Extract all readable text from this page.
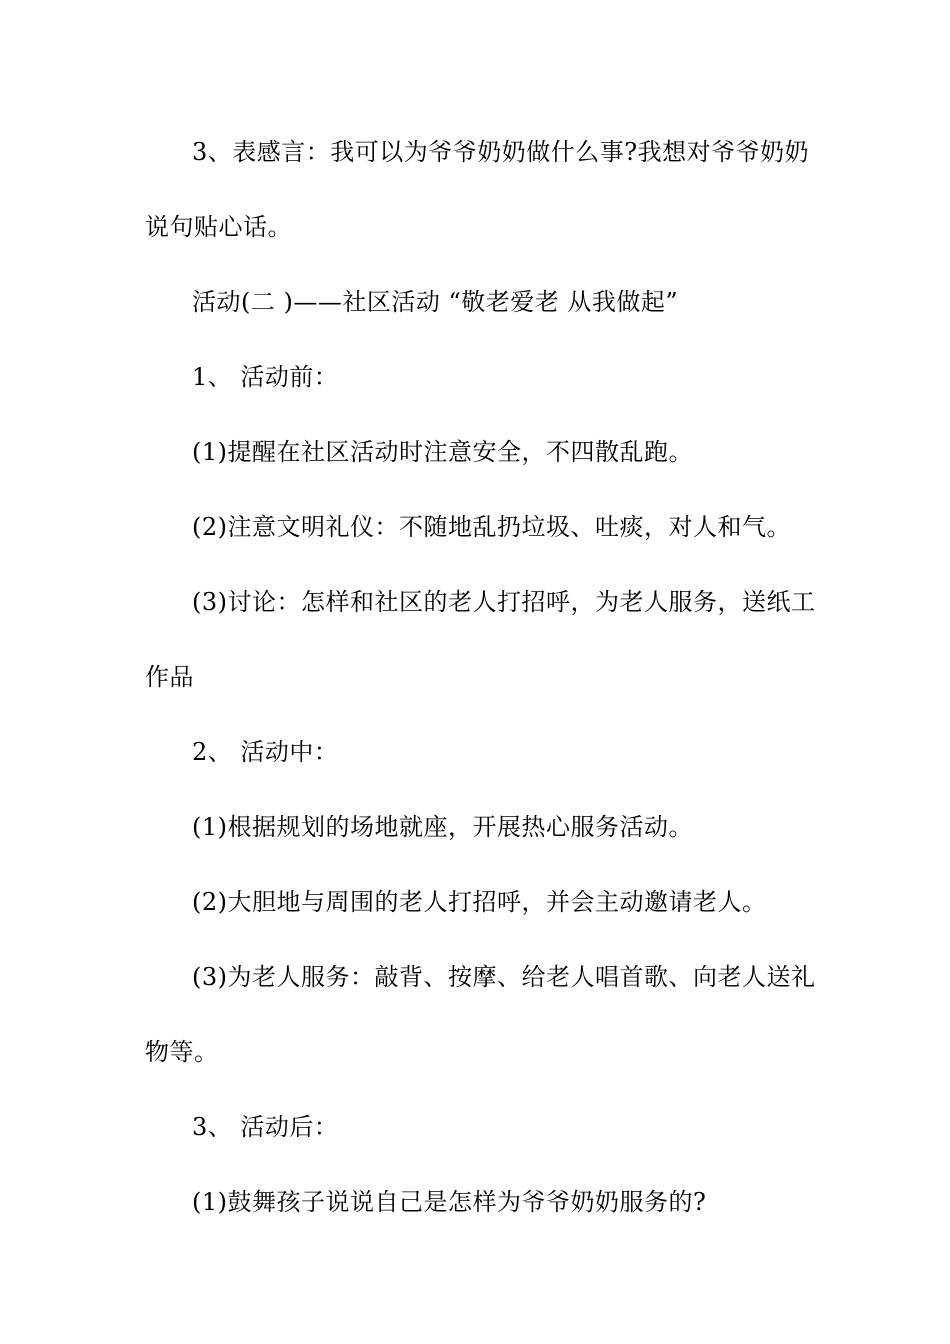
3、表感言：我可以为爷爷奶奶做什么事?我想对爷爷奶奶
说句贴心话。
活动(二 )——社区活动 “敬老爱老 从我做起”
1、 活动前：
(1)提醒在社区活动时注意安全，不四散乱跑。
(2)注意文明礼仪：不随地乱扔垃圾、吐痰，对人和气。
(3)讨论：怎样和社区的老人打招呼，为老人服务，送纸工
作品
2、 活动中：
(1)根据规划的场地就座，开展热心服务活动。
(2)大胆地与周围的老人打招呼，并会主动邀请老人。
(3)为老人服务：敲背、按摩、给老人唱首歌、向老人送礼
物等。
3、 活动后：
(1)鼓舞孩子说说自己是怎样为爷爷奶奶服务的?
